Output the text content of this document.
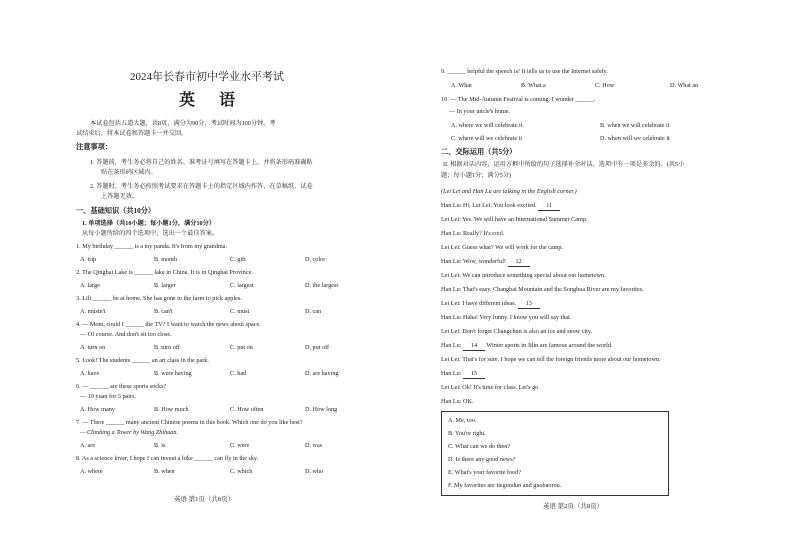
2024年长春市初中学业水平考试
英 语
本试卷包括五道大题，共8页，满分为90分，考试时间为100分钟。考
试结束后，将本试卷和答题卡一并交回。
注意事项：
1. 答题前，考生务必将自己的姓名、准考证号填写在答题卡上，并将条形码准确粘
贴在条形码区域内。
2. 答题时，考生务必按照考试要求在答题卡上的指定区域内作答，在草稿纸、试卷
上答题无效。
一、基础知识（共10分）
1. 单项选择（共10小题；每小题1分，满分10分）
从每小题所给的四个选项中，选出一个最佳答案。
1. My birthday ______ is a toy panda. It's from my grandma.
A. trip	B. month	C. gift	D. color
2. The Qinghai Lake is ______ lake in China. It is in Qinghai Province.
A. large	B. larger	C. largest	D. the largest
3. Lili ______ be at home. She has gone to the farm to pick apples.
A. mustn't	B. can't	C. must	D. can
4. — Mom, could I ______ the TV? I want to watch the news about space.
— Of course. And don't sit too close.
A. turn on	B. turn off	C. put on	D. put off
5. Look! The students ______ an art class in the park.
A. have	B. were having	C. had	D. are having
6. — ______ are these sports socks?
— 10 yuan for 3 pairs.
A. How many	B. How much	C. How often	D. How long
7. — There ______ many ancient Chinese poems in this book. Which one do you like best?
— Climbing a Tower by Wang Zhihuan.
A. are	B. is	C. were	D. was
8. As a science lover, I hope I can invent a bike ______ can fly in the sky.
A. where	B. when	C. which	D. who
英语 第1页（共8页）
9. ______ helpful the speech is! It tells us to use the Internet safely.
A. What	B. What a	C. How	D. What an
10. — The Mid-Autumn Festival is coming. I wonder ______.
— In your uncle's home.
A. where we will celebrate it	B. when we will celebrate it
C. where will we celebrate it	D. when will we celebrate it
二、交际运用（共5分）
II. 根据对话内容，运用方框中所给的句子选择补全对话。选项中有一项是多余的。(共5小
题；每小题1分；满分5分)
(Lei Lei and Han Lu are talking in the English corner.)
Han Lu: Hi, Lei Lei. You look excited. 11
Lei Lei: Yes. We will have an International Summer Camp.
Han Lu: Really? It's cool.
Lei Lei: Guess what? We will work for the camp.
Han Lu: Wow, wonderful! 12
Lei Lei: We can introduce something special about our hometown.
Han Lu: That's easy. Changbai Mountain and the Songhua River are my favorites.
Lei Lei: I have different ideas. 13
Han Lu: Haha! Very funny. I know you will say that.
Lei Lei: Don't forget Changchun is also an ice and snow city.
Han Lu: 14 Winter sports in Jilin are famous around the world.
Lei Lei: That's for sure. I hope we can tell the foreign friends more about our hometown.
Han Lu: 15
Lei Lei: Ok! It's time for class. Let's go.
Han Lu: OK.
英语 第2页（共8页）
A. Me, too.
B. You're right.
C. What can we do then?
D. Is there any good news?
E. What's your favorite food?
F. My favorites are tieguodun and guobaorou.
